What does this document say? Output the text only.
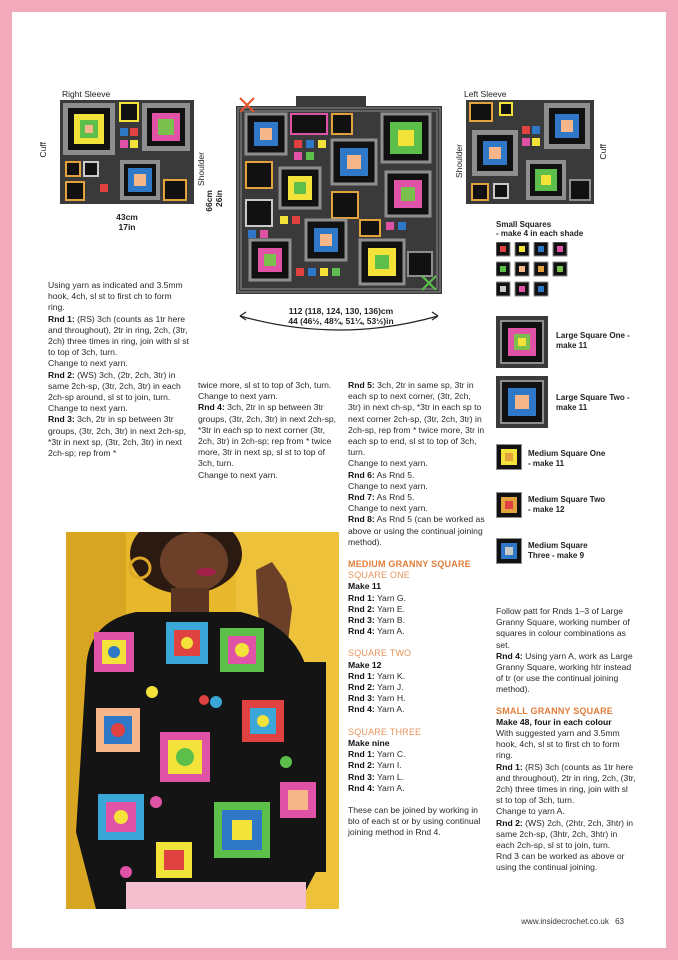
Right Sleeve
Cuff
Shoulder
43cm
17in
66cm 26in
112 (118, 124, 130, 136)cm
44 (46½, 48¾, 51¼, 53½)in
Left Sleeve
Shoulder	Cuff
Small Squares
- make 4 in each shade
Large Square One - make 11
Large Square Two - make 11
Medium Square One - make 11
Medium Square Two - make 12
Medium Square Three - make 9

Using yarn as indicated and 3.5mm hook, 4ch, sl st to first ch to form ring.

Rnd 1: (RS) 3ch (counts as 1tr here and throughout), 2tr in ring, 2ch, (3tr, 2ch) three times in ring, join with sl st to top of 3ch, turn.

Change to next yarn.

Rnd 2: (WS) 3ch, (2tr, 2ch, 3tr) in same 2ch-sp, (3tr, 2ch, 3tr) in each 2ch-sp around, sl st to join, turn.

Change to next yarn.

Rnd 3: 3ch, 2tr in sp between 3tr groups, (3tr, 2ch, 3tr) in next 2ch-sp, *3tr in next sp, (3tr, 2ch, 3tr) in next 2ch-sp; rep from *

twice more, sl st to top of 3ch, turn.

Change to next yarn.

Rnd 4: 3ch, 2tr in sp between 3tr groups, (3tr, 2ch, 3tr) in next 2ch-sp, *3tr in each sp to next corner (3tr, 2ch, 3tr) in 2ch-sp; rep from * twice more, 3tr in next sp, sl st to top of 3ch, turn.

Change to next yarn.

Rnd 5: 3ch, 2tr in same sp, 3tr in each sp to next corner, (3tr, 2ch, 3tr) in next ch-sp, *3tr in each sp to next corner 2ch-sp, (3tr, 2ch, 3tr) in 2ch-sp, rep from * twice more, 3tr in each sp to end, sl st to top of 3ch, turn.

Change to next yarn.

Rnd 6: As Rnd 5.

Change to next yarn.

Rnd 7: As Rnd 5.

Change to next yarn.

Rnd 8: As Rnd 5 (can be worked as above or using the continual joining method).

MEDIUM GRANNY SQUARE

SQUARE ONE

Make 11

Rnd 1: Yarn G.

Rnd 2: Yarn E.

Rnd 3: Yarn B.

Rnd 4: Yarn A.

SQUARE TWO

Make 12

Rnd 1: Yarn K.

Rnd 2: Yarn J.

Rnd 3: Yarn H.

Rnd 4: Yarn A.

SQUARE THREE

Make nine

Rnd 1: Yarn C.

Rnd 2: Yarn I.

Rnd 3: Yarn L.

Rnd 4: Yarn A.

These can be joined by working in blo of each st or by using continual joining method in Rnd 4.

Follow patt for Rnds 1–3 of Large Granny Square, working number of squares in colour combinations as set.

Rnd 4: Using yarn A, work as Large Granny Square, working htr instead of tr (or use the continual joining method).

SMALL GRANNY SQUARE

Make 48, four in each colour

With suggested yarn and 3.5mm hook, 4ch, sl st to first ch to form ring.

Rnd 1: (RS) 3ch (counts as 1tr here and throughout), 2tr in ring, 2ch, (3tr, 2ch) three times in ring, join with sl st to top of 3ch, turn.

Change to yarn A.

Rnd 2: (WS) 2ch, (2htr, 2ch, 3htr) in same 2ch-sp, (3htr, 2ch, 3htr) in each 2ch-sp, sl st to join, turn.

Rnd 3 can be worked as above or using the continual joining.

www.insidecrochet.co.uk 63
